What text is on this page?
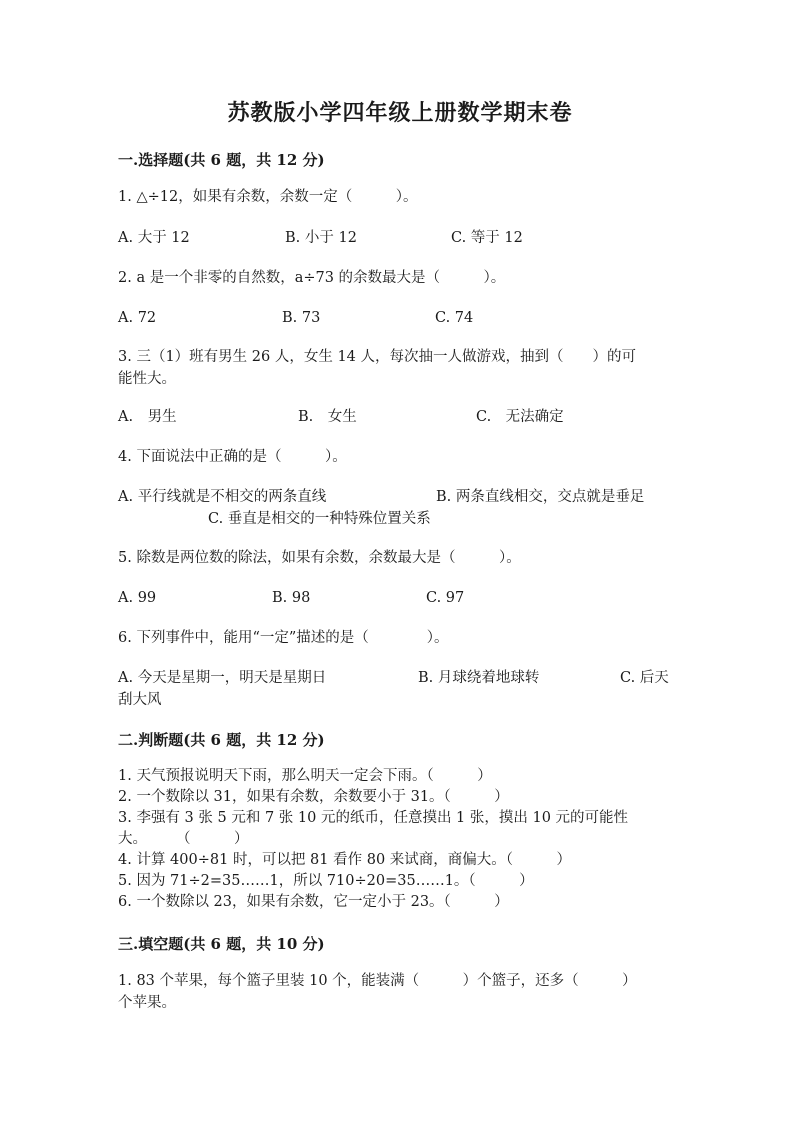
苏教版小学四年级上册数学期末卷
一.选择题(共 6 题，共 12 分)
1. △÷12，如果有余数，余数一定（　　　）。
A. 大于 12	B. 小于 12	C. 等于 12
2. a 是一个非零的自然数，a÷73 的余数最大是（　　　）。
A. 72	B. 73	C. 74
3. 三（1）班有男生 26 人，女生 14 人，每次抽一人做游戏，抽到（　　）的可
能性大。
A.　男生	B.　女生	C.　无法确定
4. 下面说法中正确的是（　　　）。
A. 平行线就是不相交的两条直线	B. 两条直线相交，交点就是垂足
C. 垂直是相交的一种特殊位置关系
5. 除数是两位数的除法，如果有余数，余数最大是（　　　）。
A. 99	B. 98	C. 97
6. 下列事件中，能用“一定”描述的是（　　　　）。
A. 今天是星期一，明天是星期日	B. 月球绕着地球转	C. 后天
刮大风
二.判断题(共 6 题，共 12 分)
1. 天气预报说明天下雨，那么明天一定会下雨。（　　　）
2. 一个数除以 31，如果有余数，余数要小于 31。（　　　）
3. 李强有 3 张 5 元和 7 张 10 元的纸币，任意摸出 1 张，摸出 10 元的可能性
大。　　　（　　　）
4. 计算 400÷81 时，可以把 81 看作 80 来试商，商偏大。（　　　）
5. 因为 71÷2=35……1，所以 710÷20=35……1。（　　　）
6. 一个数除以 23，如果有余数，它一定小于 23。（　　　）
三.填空题(共 6 题，共 10 分)
1. 83 个苹果，每个篮子里装 10 个，能装满（　　　）个篮子，还多（　　　）
个苹果。
